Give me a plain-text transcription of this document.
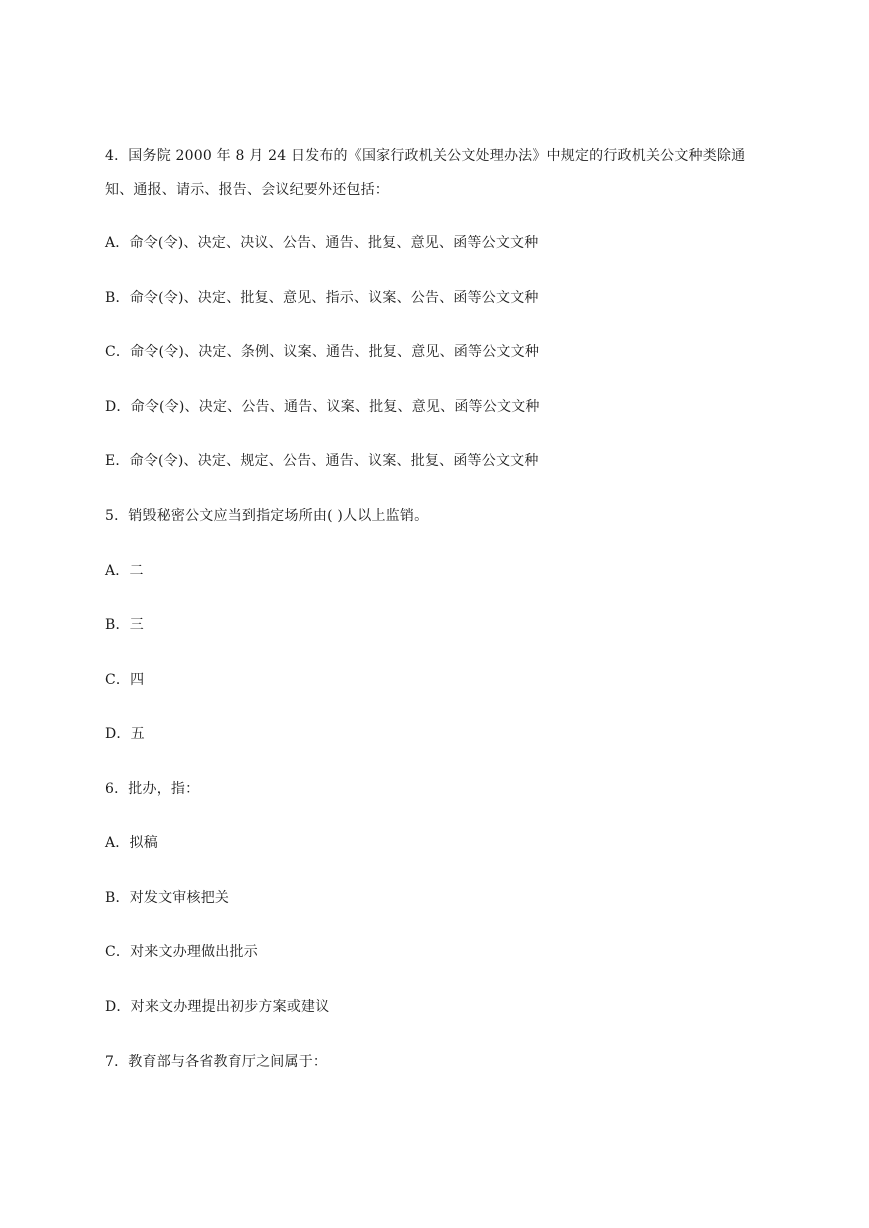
4．国务院 2000 年 8 月 24 日发布的《国家行政机关公文处理办法》中规定的行政机关公文种类除通
知、通报、请示、报告、会议纪要外还包括：
A．命令(令)、决定、决议、公告、通告、批复、意见、函等公文文种
B．命令(令)、决定、批复、意见、指示、议案、公告、函等公文文种
C．命令(令)、决定、条例、议案、通告、批复、意见、函等公文文种
D．命令(令)、决定、公告、通告、议案、批复、意见、函等公文文种
E．命令(令)、决定、规定、公告、通告、议案、批复、函等公文文种
5．销毁秘密公文应当到指定场所由( )人以上监销。
A．二
B．三
C．四
D．五
6．批办，指：
A．拟稿
B．对发文审核把关
C．对来文办理做出批示
D．对来文办理提出初步方案或建议
7．教育部与各省教育厅之间属于：
